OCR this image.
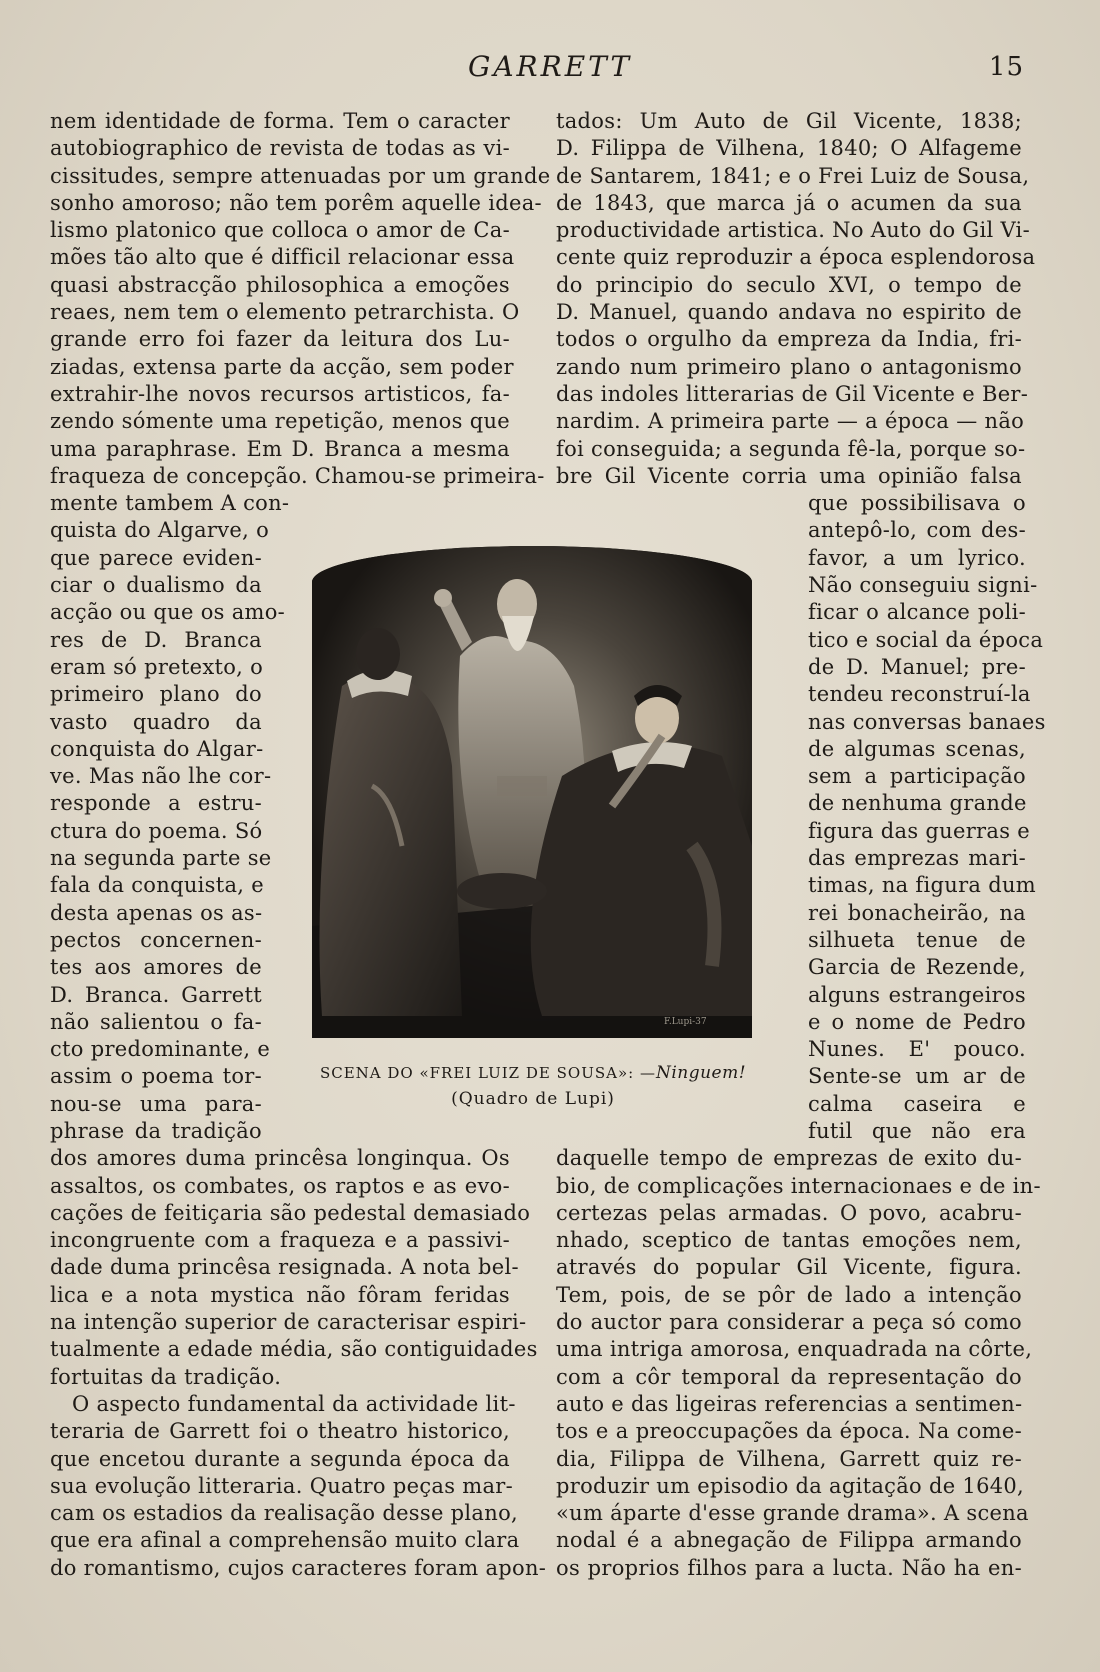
GARRETT	15
nem identidade de forma. Tem o caracter
autobiographico de revista de todas as vi-
cissitudes, sempre attenuadas por um grande
sonho amoroso; não tem porêm aquelle idea-
lismo platonico que colloca o amor de Ca-
mões tão alto que é difficil relacionar essa
quasi abstracção philosophica a emoções
reaes, nem tem o elemento petrarchista. O
grande erro foi fazer da leitura dos Lu-
ziadas, extensa parte da acção, sem poder
extrahir-lhe novos recursos artisticos, fa-
zendo sómente uma repetição, menos que
uma paraphrase. Em D. Branca a mesma
fraqueza de concepção. Chamou-se primeira-
mente tambem A con-
quista do Algarve, o
que parece eviden-
ciar o dualismo da
acção ou que os amo-
res de D. Branca
eram só pretexto, o
primeiro plano do
vasto quadro da
conquista do Algar-
ve. Mas não lhe cor-
responde a estru-
ctura do poema. Só
na segunda parte se
fala da conquista, e
desta apenas os as-
pectos concernen-
tes aos amores de
D. Branca. Garrett
não salientou o fa-
cto predominante, e
assim o poema tor-
nou-se uma para-
phrase da tradição
dos amores duma princêsa longinqua. Os
assaltos, os combates, os raptos e as evo-
cações de feitiçaria são pedestal demasiado
incongruente com a fraqueza e a passivi-
dade duma princêsa resignada. A nota bel-
lica e a nota mystica não fôram feridas
na intenção superior de caracterisar espiri-
tualmente a edade média, são contiguidades
fortuitas da tradição.
O aspecto fundamental da actividade lit-
teraria de Garrett foi o theatro historico,
que encetou durante a segunda época da
sua evolução litteraria. Quatro peças mar-
cam os estadios da realisação desse plano,
que era afinal a comprehensão muito clara
do romantismo, cujos caracteres foram apon-
tados: Um Auto de Gil Vicente, 1838;
D. Filippa de Vilhena, 1840; O Alfageme
de Santarem, 1841; e o Frei Luiz de Sousa,
de 1843, que marca já o acumen da sua
productividade artistica. No Auto do Gil Vi-
cente quiz reproduzir a época esplendorosa
do principio do seculo XVI, o tempo de
D. Manuel, quando andava no espirito de
todos o orgulho da empreza da India, fri-
zando num primeiro plano o antagonismo
das indoles litterarias de Gil Vicente e Ber-
nardim. A primeira parte — a época — não
foi conseguida; a segunda fê-la, porque so-
bre Gil Vicente corria uma opinião falsa
que possibilisava o
antepô-lo, com des-
favor, a um lyrico.
Não conseguiu signi-
ficar o alcance poli-
tico e social da época
de D. Manuel; pre-
tendeu reconstruí-la
nas conversas banaes
de algumas scenas,
sem a participação
de nenhuma grande
figura das guerras e
das emprezas mari-
timas, na figura dum
rei bonacheirão, na
silhueta tenue de
Garcia de Rezende,
alguns estrangeiros
e o nome de Pedro
Nunes. E' pouco.
Sente-se um ar de
calma caseira e
futil que não era
daquelle tempo de emprezas de exito du-
bio, de complicações internacionaes e de in-
certezas pelas armadas. O povo, acabru-
nhado, sceptico de tantas emoções nem,
através do popular Gil Vicente, figura.
Tem, pois, de se pôr de lado a intenção
do auctor para considerar a peça só como
uma intriga amorosa, enquadrada na côrte,
com a côr temporal da representação do
auto e das ligeiras referencias a sentimen-
tos e a preoccupações da época. Na come-
dia, Filippa de Vilhena, Garrett quiz re-
produzir um episodio da agitação de 1640,
«um áparte d'esse grande drama». A scena
nodal é a abnegação de Filippa armando
os proprios filhos para a lucta. Não ha en-
F.Lupi-37
SCENA DO «FREI LUIZ DE SOUSA»: —Ninguem!
(Quadro de Lupi)
